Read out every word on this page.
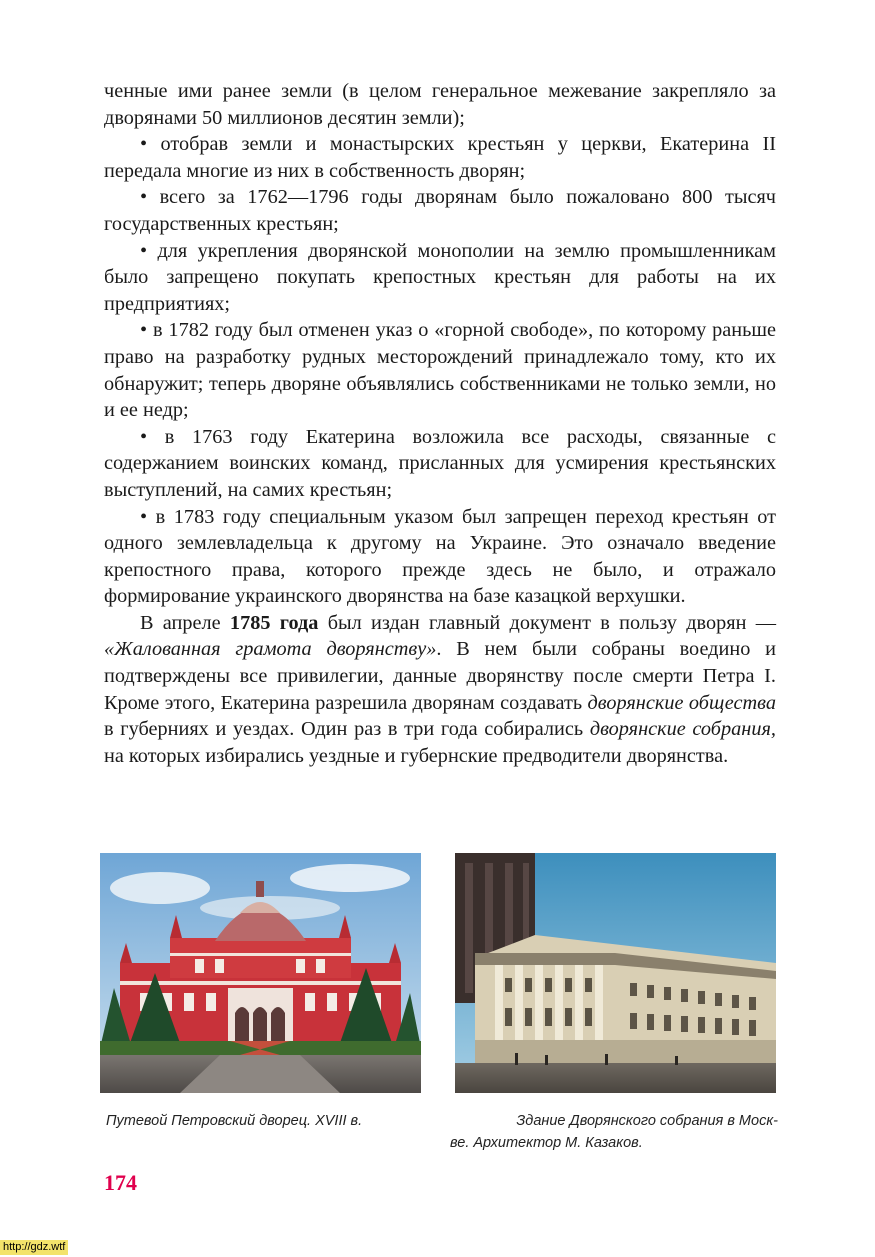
ченные ими ранее земли (в целом генеральное межевание закрепляло за дворянами 50 миллионов десятин земли);

• отобрав земли и монастырских крестьян у церкви, Екатерина II передала многие из них в собственность дворян;

• всего за 1762—1796 годы дворянам было пожаловано 800 тысяч государственных крестьян;

• для укрепления дворянской монополии на землю промышленникам было запрещено покупать крепостных крестьян для работы на их предприятиях;

• в 1782 году был отменен указ о «горной свободе», по которому раньше право на разработку рудных месторождений принадлежало тому, кто их обнаружит; теперь дворяне объявлялись собственниками не только земли, но и ее недр;

• в 1763 году Екатерина возложила все расходы, связанные с содержанием воинских команд, присланных для усмирения крестьянских выступлений, на самих крестьян;

• в 1783 году специальным указом был запрещен переход крестьян от одного землевладельца к другому на Украине. Это означало введение крепостного права, которого прежде здесь не было, и отражало формирование украинского дворянства на базе казацкой верхушки.

В апреле 1785 года был издан главный документ в пользу дворян — «Жалованная грамота дворянству». В нем были собраны воедино и подтверждены все привилегии, данные дворянству после смерти Петра I. Кроме этого, Екатерина разрешила дворянам создавать дворянские общества в губерниях и уездах. Один раз в три года собирались дворянские собрания, на которых избирались уездные и губернские предводители дворянства.

Путевой Петровский дворец. XVIII в.	Здание Дворянского собрания в Моск-
ве. Архитектор М. Казаков.
174
http://gdz.wtf
